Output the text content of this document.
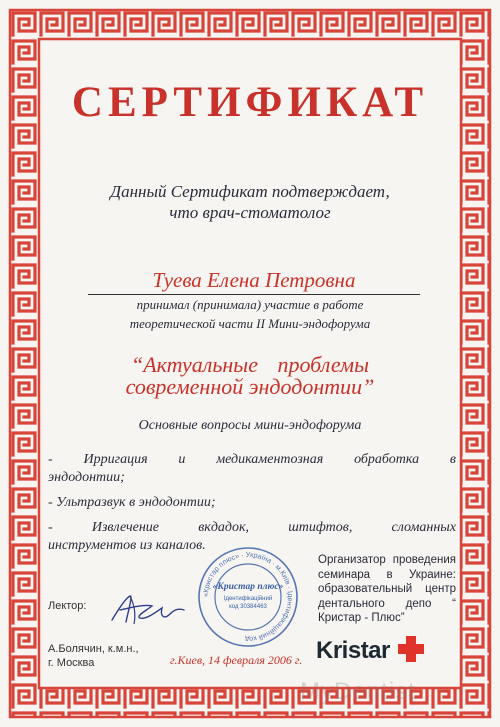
СЕРТИФИКАТ
Данный Сертификат подтверждает,
что врач-стоматолог
Туева Елена Петровна
принимал (принимала) участие в работе
теоретической части II Мини-эндофорума
“Актуальные проблемы
современной эндодонтии”
Основные вопросы мини-эндофорума
- Ирригация и медикаментозная обработка в
эндодонтии;
- Ультразвук в эндодонтии;
- Извлечение вкдадок, штифтов, сломанных
инструментов из каналов.
Организатор проведения семинара в Украине: образовательный центр дентального депо “ Кристар - Плюс”
Лектор:
«Кристар плюс» · Україна · м.Київ · Ідентифікаційний код
«Кристар плюс»
Ідентифікаційний
код 30384463
А.Болячин, к.м.н.,
г. Москва	г.Киев, 14 февраля 2006 г. Kristar
MyDentist
